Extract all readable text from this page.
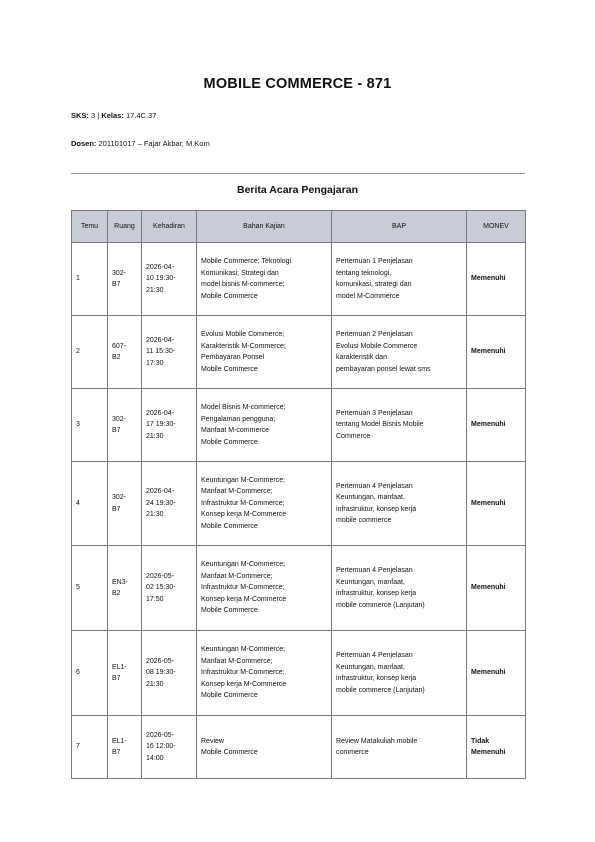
MOBILE COMMERCE - 871
SKS: 3 | Kelas: 17.4C.37
Dosen: 201101017 – Fajar Akbar, M.Kom
Berita Acara Pengajaran
Temu	Ruang	Kehadiran	Bahan Kajian	BAP	MONEV
1	302-
B7	2026-04-
10 19:30-
21:30	Mobile Commerce; Teknologi
Komunikasi; Strategi dan
model bisnis M-commerce;
Mobile Commerce	Pertemuan 1 Penjelasan
tentang teknologi,
komunikasi, strategi dan
model M-Commerce	Memenuhi

2	607-
B2	2026-04-
11 15:30-
17:30	Evolusi Mobile Commerce;
Karakteristik M-Commerce;
Pembayaran Ponsel
Mobile Commerce	Pertemuan 2 Penjelasan
Evolusi Mobile Commerce
karakteristik dan
pembayaran ponsel lewat sms	Memenuhi

3	302-
B7	2026-04-
17 19:30-
21:30	Model Bisnis M-commerce;
Pengalaman pengguna;
Manfaat M-commerce
Mobile Commerce	Pertemuan 3 Penjelasan
tentang Model Bisnis Mobile
Commerce	Memenuhi

4	302-
B7	2026-04-
24 19:30-
21:30	Keuntungan M-Commerce;
Manfaat M-Commerce;
Infrastruktur M-Commerce;
Konsep kerja M-Commerce
Mobile Commerce	Pertemuan 4 Penjelasan
Keuntungan, manfaat,
infrastruktur, konsep kerja
mobile commerce	Memenuhi

5	EN3-
B2	2026-05-
02 15:30-
17:50	Keuntungan M-Commerce;
Manfaat M-Commerce;
Infrastruktur M-Commerce;
Konsep kerja M-Commerce
Mobile Commerce	Pertemuan 4 Penjelasan
Keuntungan, manfaat,
infrastruktur, konsep kerja
mobile commerce (Lanjutan)	Memenuhi

6	EL1-
B7	2026-05-
08 19:30-
21:30	Keuntungan M-Commerce;
Manfaat M-Commerce;
Infrastruktur M-Commerce;
Konsep kerja M-Commerce
Mobile Commerce	Pertemuan 4 Penjelasan
Keuntungan, manfaat,
infrastruktur, konsep kerja
mobile commerce (Lanjutan)	Memenuhi

7	EL1-
B7	2026-05-
16 12:00-
14:00	Review
Mobile Commerce	Review Matakuliah mobile
commerce	Tidak
Memenuhi
